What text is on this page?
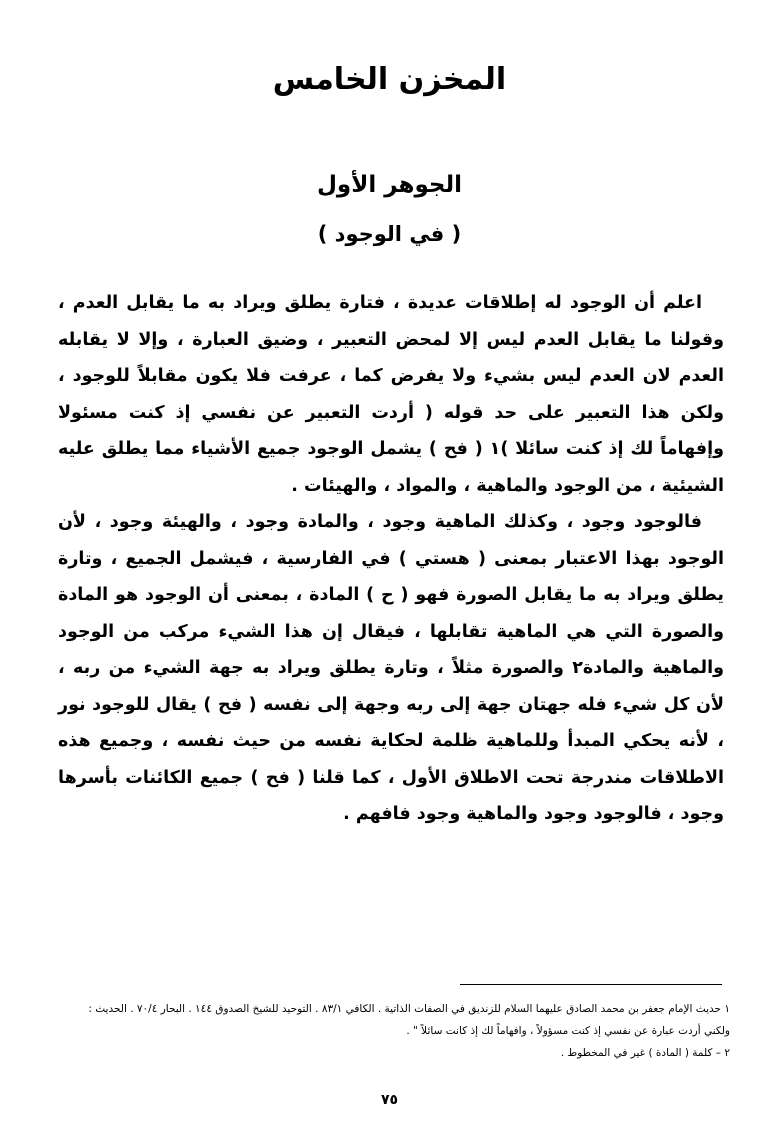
المخزن الخامس
الجوهر الأول
( في الوجود )

اعلم أن الوجود له إطلاقات عديدة ، فتارة يطلق ويراد به ما يقابل العدم ، وقولنا ما يقابل العدم ليس إلا لمحض التعبير ، وضيق العبارة ، وإلا لا يقابله العدم لان العدم ليس بشيء ولا يفرض كما ، عرفت فلا يكون مقابلاً للوجود ، ولكن هذا التعبير على حد قوله ( أردت التعبير عن نفسي إذ كنت مسئولا وإفهاماً لك إذ كنت سائلا )١ ( فح ) يشمل الوجود جميع الأشياء مما يطلق عليه الشيئية ، من الوجود والماهية ، والمواد ، والهيئات .

فالوجود وجود ، وكذلك الماهية وجود ، والمادة وجود ، والهيئة وجود ، لأن الوجود بهذا الاعتبار بمعنى ( هستي ) في الفارسية ، فيشمل الجميع ، وتارة يطلق ويراد به ما يقابل الصورة فهو ( ح ) المادة ، بمعنى أن الوجود هو المادة والصورة التي هي الماهية تقابلها ، فيقال إن هذا الشيء مركب من الوجود والماهية والمادة٢ والصورة مثلاً ، وتارة يطلق ويراد به جهة الشيء من ربه ، لأن كل شيء فله جهتان جهة إلى ربه وجهة إلى نفسه ( فح ) يقال للوجود نور ، لأنه يحكي المبدأ وللماهية ظلمة لحكاية نفسه من حيث نفسه ، وجميع هذه الاطلاقات مندرجة تحت الاطلاق الأول ، كما قلنا ( فح ) جميع الكائنات بأسرها وجود ، فالوجود وجود والماهية وجود فافهم .

١ حديث الإمام جعفر بن محمد الصادق عليهما السلام للزنديق في الصفات الذاتية . الكافي ٨٣/١ . التوحيد للشيخ الصدوق ١٤٤ . البحار ٧٠/٤ . الحديث :

ولكني أردت عبارة عن نفسي إذ كنت مسؤولاً ، وافهاماً لك إذ كانت سائلاً " .

٢ – كلمة ( المادة ) غير في المخطوط .

٧٥
